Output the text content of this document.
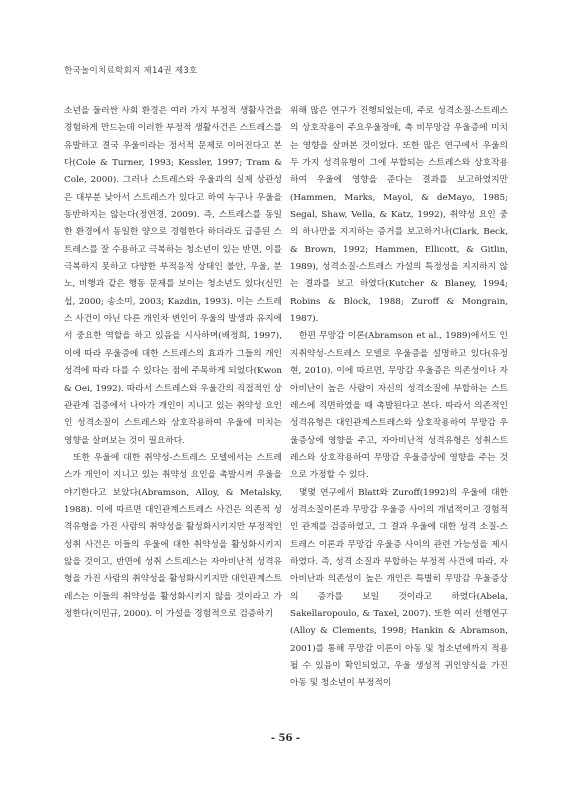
한국놀이치료학회지 제14권 제3호

소년을 둘러싼 사회 환경은 여러 가지 부정적 생활사건을 경험하게 만드는데 이러한 부정적 생활사건은 스트레스를 유발하고 결국 우울이라는 정서적 문제로 이어진다고 본다(Cole & Turner, 1993; Kessler, 1997; Tram & Cole, 2000). 그러나 스트레스와 우울과의 실제 상관성은 대부분 낮아서 스트레스가 있다고 하여 누구나 우울을 동반하지는 않는다(정연경, 2009). 즉, 스트레스를 동일한 환경에서 동일한 양으로 경험한다 하더라도 급증된 스트레스를 잘 수용하고 극복하는 청소년이 있는 반면, 이를 극복하지 못하고 다양한 부적응적 상태인 불안, 우울, 분노, 비행과 같은 행동 문제를 보이는 청소년도 있다(신민섭, 2000; 송소미, 2003; Kazdin, 1993). 이는 스트레스 사건이 아닌 다른 개인차 변인이 우울의 발생과 유지에서 중요한 역할을 하고 있음을 시사하며(배정희, 1997), 이에 따라 우울증에 대한 스트레스의 효과가 그들의 개인 성격에 따라 다를 수 있다는 점에 주목하게 되었다(Kwon & Oei, 1992). 따라서 스트레스와 우울간의 직접적인 상관관계 검증에서 나아가 개인이 지니고 있는 취약성 요인인 성격소질이 스트레스와 상호작용하여 우울에 미치는 영향을 살펴보는 것이 필요하다.

또한 우울에 대한 취약성-스트레스 모델에서는 스트레스가 개인이 지니고 있는 취약성 요인을 촉발시켜 우울을 야기한다고 보았다(Abramson, Alloy, & Metalsky, 1988). 이에 따르면 대인관계스트레스 사건은 의존적 성격유형을 가진 사람의 취약성을 활성화시키지만 부정적인 성취 사건은 이들의 우울에 대한 취약성을 활성화시키지 않을 것이고, 반면에 성취 스트레스는 자아비난적 성격유형을 가진 사람의 취약성을 활성화시키지만 대인관계스트레스는 이들의 취약성을 활성화시키지 않을 것이라고 가정한다(이민규, 2000). 이 가설을 경험적으로 검증하기

위해 많은 연구가 진행되었는데, 주로 성격소질-스트레스의 상호작용이 주요우울장애, 축 비무망감 우울증에 미치는 영향을 살펴본 것이었다. 또한 많은 연구에서 우울의 두 가지 성격유형이 그에 부합되는 스트레스와 상호작용하여 우울에 영향을 준다는 결과를 보고하였지만(Hammen, Marks, Mayol, & deMayo, 1985; Segal, Shaw, Vella, & Katz, 1992), 취약성 요인 중의 하나만을 지지하는 증거를 보고하거나(Clark, Beck, & Brown, 1992; Hammen, Ellicott, & Gitlin, 1989), 성격소질-스트레스 가설의 특정성을 지지하지 않는 결과를 보고 하였다(Kutcher & Blaney, 1994; Robins & Block, 1988; Zuroff & Mongrain, 1987).

한편 무망감 이론(Abramson et al., 1989)에서도 인지취약성-스트레스 모델로 우울증을 설명하고 있다(유정현, 2010). 이에 따르면, 무망감 우울증은 의존성이나 자아비난이 높은 사람이 자신의 성격소질에 부합하는 스트레스에 직면하였을 때 촉발된다고 본다. 따라서 의존적인 성격유형은 대인관계스트레스와 상호작용하여 무망감 우울증상에 영향을 주고, 자아비난적 성격유형은 성취스트레스와 상호작용하여 무망감 우울증상에 영향을 주는 것으로 가정할 수 있다.

몇몇 연구에서 Blatt와 Zuroff(1992)의 우울에 대한 성격소질이론과 무망감 우울증 사이의 개념적이고 경험적인 관계를 검증하였고, 그 결과 우울에 대한 성격 소질-스트레스 이론과 무망감 우울증 사이의 관련 가능성을 제시하였다. 즉, 성격 소질과 부합하는 부정적 사건에 따라, 자아비난과 의존성이 높은 개인은 특별히 무망감 우울증상의 증가를 보일 것이라고 하였다(Abela, Sakellaropoulo, & Taxel, 2007). 또한 여러 선행연구(Alloy & Clements, 1998; Hankin & Abramson, 2001)를 통해 무망감 이론이 아동 및 청소년에까지 적용될 수 있음이 확인되었고, 우울 생성적 귀인양식을 가진 아동 및 청소년이 부정적이

- 56 -
